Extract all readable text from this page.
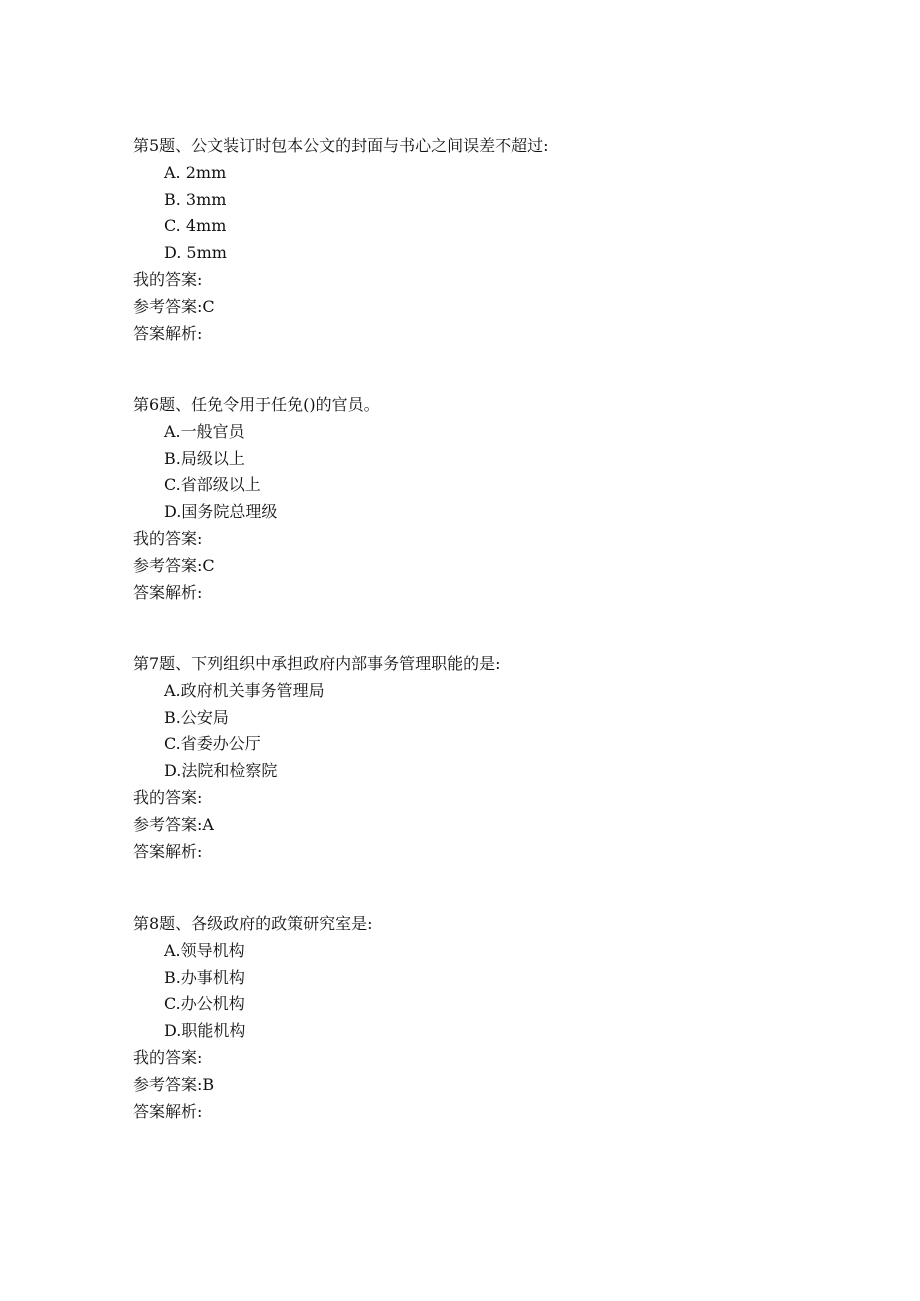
第5题、公文装订时包本公文的封面与书心之间误差不超过:
A. 2mm
B. 3mm
C. 4mm
D. 5mm
我的答案:
参考答案:C
答案解析:
第6题、任免令用于任免()的官员。
A.一般官员
B.局级以上
C.省部级以上
D.国务院总理级
我的答案:
参考答案:C
答案解析:
第7题、下列组织中承担政府内部事务管理职能的是:
A.政府机关事务管理局
B.公安局
C.省委办公厅
D.法院和检察院
我的答案:
参考答案:A
答案解析:
第8题、各级政府的政策研究室是:
A.领导机构
B.办事机构
C.办公机构
D.职能机构
我的答案:
参考答案:B
答案解析:
